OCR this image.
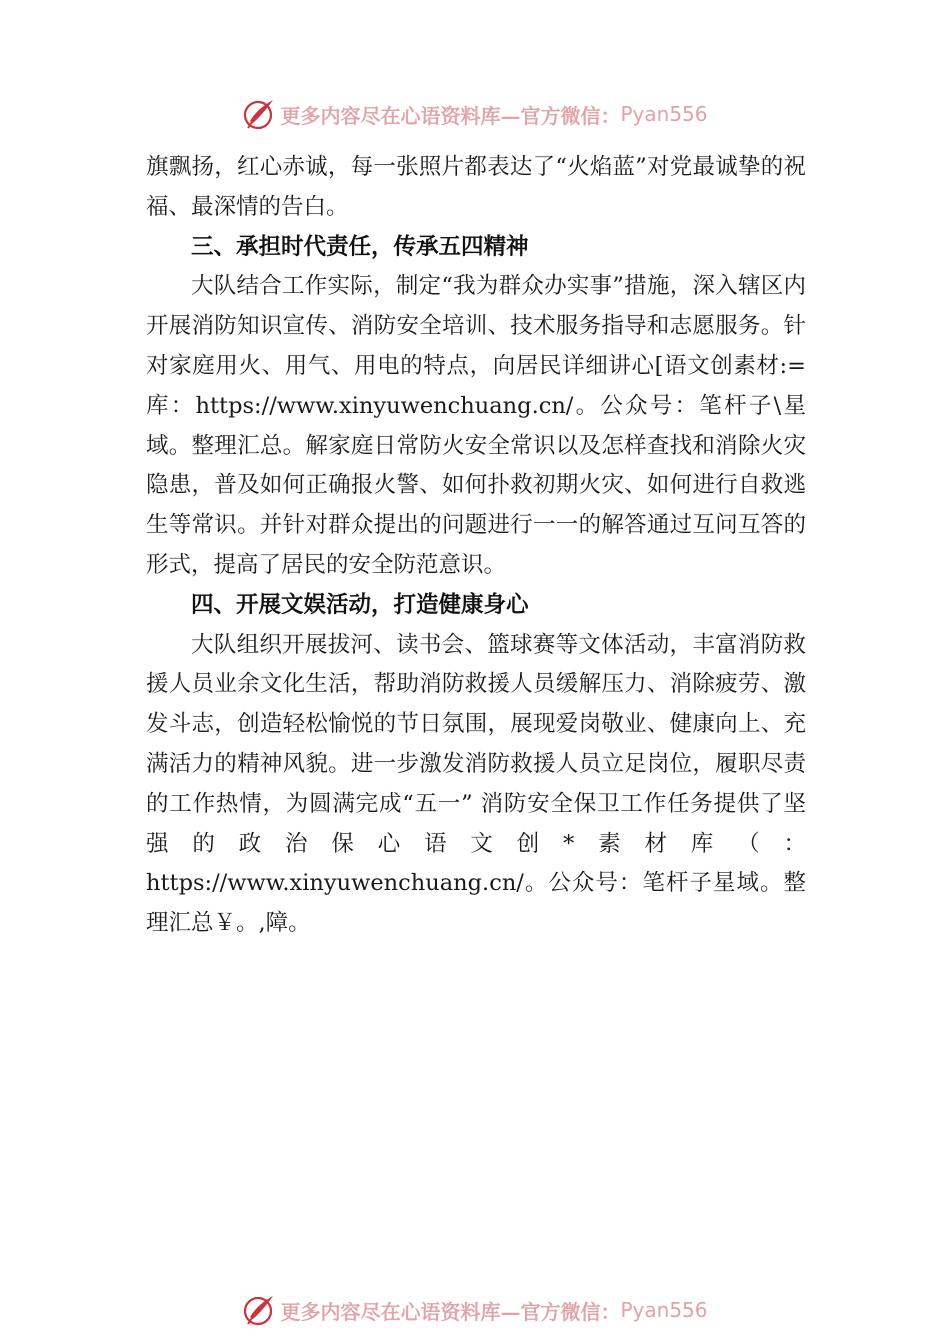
更多内容尽在心语资料库—官方微信： Pyan556

旗飘扬，红心赤诚，每一张照片都表达了“火焰蓝”对党最诚挚的祝福、最深情的告白。

三、承担时代责任，传承五四精神

大队结合工作实际，制定“我为群众办实事”措施，深入辖区内开展消防知识宣传、消防安全培训、技术服务指导和志愿服务。针对家庭用火、用气、用电的特点，向居民详细讲心[语文创素材:=库：https://www.xinyuwenchuang.cn/。公众号：笔杆子\星域。整理汇总。解家庭日常防火安全常识以及怎样查找和消除火灾隐患，普及如何正确报火警、如何扑救初期火灾、如何进行自救逃生等常识。并针对群众提出的问题进行一一的解答通过互问互答的形式，提高了居民的安全防范意识。

四、开展文娱活动，打造健康身心

大队组织开展拔河、读书会、篮球赛等文体活动，丰富消防救援人员业余文化生活，帮助消防救援人员缓解压力、消除疲劳、激发斗志，创造轻松愉悦的节日氛围，展现爱岗敬业、健康向上、充满活力的精神风貌。进一步激发消防救援人员立足岗位，履职尽责的工作热情，为圆满完成“五一” 消防安全保卫工作任务提供了坚强的政治保心语文创*素材库（：https://www.xinyuwenchuang.cn/。公众号：笔杆子星域。整理汇总￥。,障。

更多内容尽在心语资料库—官方微信： Pyan556
